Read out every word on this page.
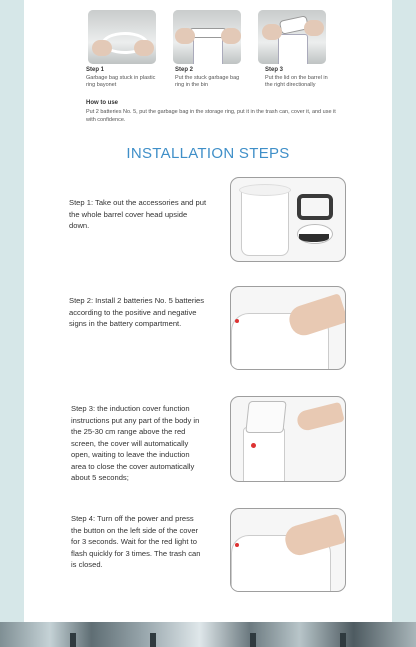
Step 1
Garbage bag stuck in plastic ring bayonet
Step 2
Put the stuck garbage bag ring in the bin
Step 3
Put the lid on the barrel in the right directionally
How to use
Put 2 batteries No. 5, put the garbage bag in the storage ring, put it in the trash can, cover it, and use it with confidence.
INSTALLATION STEPS
Step 1: Take out the accessories and put the whole barrel cover head upside down.
Step 2: Install 2 batteries No. 5 batteries according to the positive and negative signs in the battery compartment.
Step 3: the induction cover function instructions put any part of the body in the 25-30 cm range above the red screen, the cover will automatically open, waiting to leave the induction area to close the cover automatically about 5 seconds;
Step 4: Turn off the power and press the button on the left side of the cover for 3 seconds. Wait for the red light to flash quickly for 3 times. The trash can is closed.
